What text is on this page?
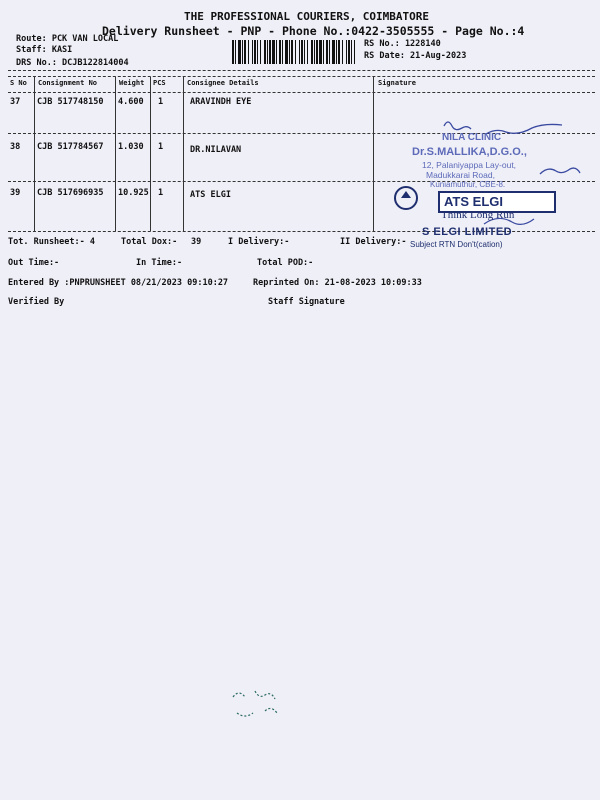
THE PROFESSIONAL COURIERS, COIMBATORE
Delivery Runsheet - PNP - Phone No.:0422-3505555 - Page No.:4
Route: PCK VAN LOCAL
Staff: KASI
DRS No.: DCJB122814004
RS No.: 1228140
RS Date: 21-Aug-2023
S No Consignment No	Weight PCS	Consignee Details	Signature
37 CJB 517748150 4.600 1	ARAVINDH EYE
38 CJB 517784567 1.030 1	DR.NILAVAN
39 CJB 517696935 10.925 1	ATS ELGI
NILA CLINIC
Dr.S.MALLIKA,D.G.O.,
12, Palaniyappa Lay-out,
Madukkarai Road,
Kuniamuthur, CBE-8.
ATS ELGI
Think Long Run
S ELGI LIMITED
Tot. Runsheet:- 4	Total Dox:- 39	I Delivery:-	II Delivery:- Subject RTN Don't(cation)
Out Time:-	In Time:-	Total POD:-
Entered By :PNPRUNSHEET 08/21/2023 09:10:27	Reprinted On: 21-08-2023 10:09:33
Verified By	Staff Signature
